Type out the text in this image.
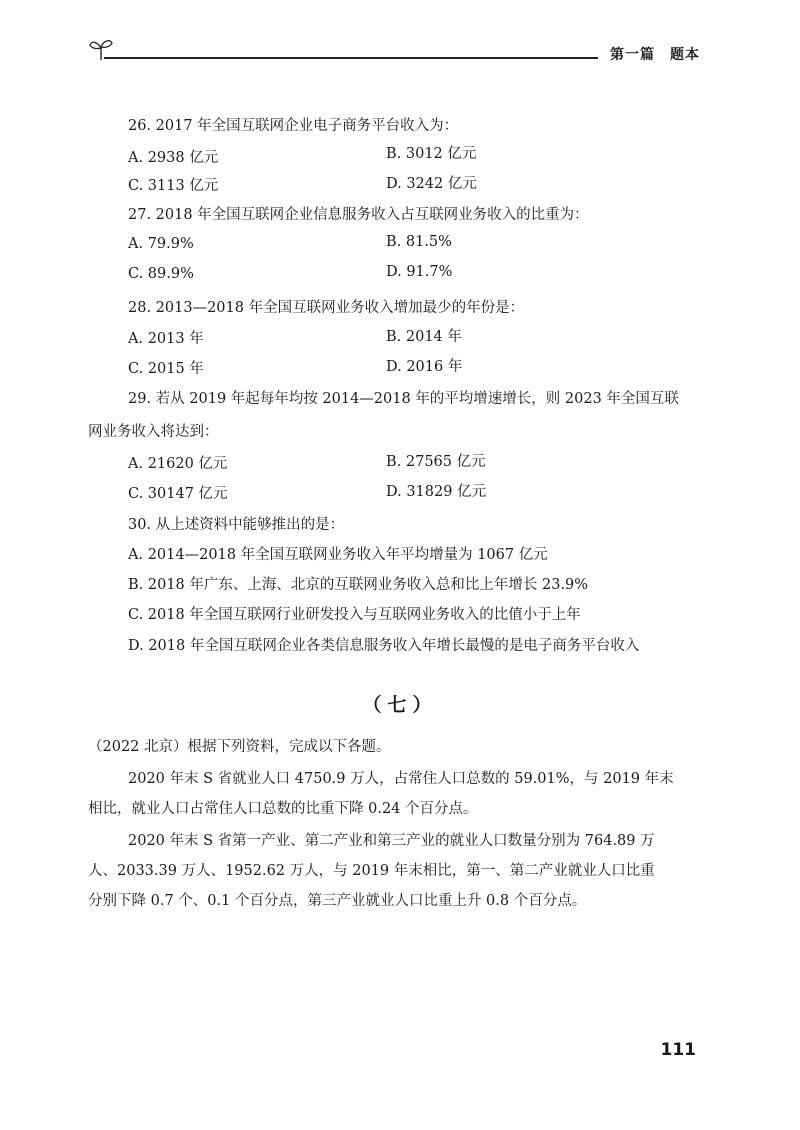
第一篇　题本
26. 2017 年全国互联网企业电子商务平台收入为：
A. 2938 亿元	B. 3012 亿元
C. 3113 亿元	D. 3242 亿元
27. 2018 年全国互联网企业信息服务收入占互联网业务收入的比重为：
A. 79.9%	B. 81.5%
C. 89.9%	D. 91.7%
28. 2013—2018 年全国互联网业务收入增加最少的年份是：
A. 2013 年	B. 2014 年
C. 2015 年	D. 2016 年
29. 若从 2019 年起每年均按 2014—2018 年的平均增速增长，则 2023 年全国互联
网业务收入将达到：
A. 21620 亿元	B. 27565 亿元
C. 30147 亿元	D. 31829 亿元
30. 从上述资料中能够推出的是：
A. 2014—2018 年全国互联网业务收入年平均增量为 1067 亿元
B. 2018 年广东、上海、北京的互联网业务收入总和比上年增长 23.9%
C. 2018 年全国互联网行业研发投入与互联网业务收入的比值小于上年
D. 2018 年全国互联网企业各类信息服务收入年增长最慢的是电子商务平台收入
（七）
（2022 北京）根据下列资料，完成以下各题。
2020 年末 S 省就业人口 4750.9 万人，占常住人口总数的 59.01%，与 2019 年末
相比，就业人口占常住人口总数的比重下降 0.24 个百分点。
2020 年末 S 省第一产业、第二产业和第三产业的就业人口数量分别为 764.89 万
人、2033.39 万人、1952.62 万人，与 2019 年末相比，第一、第二产业就业人口比重
分别下降 0.7 个、0.1 个百分点，第三产业就业人口比重上升 0.8 个百分点。
111
